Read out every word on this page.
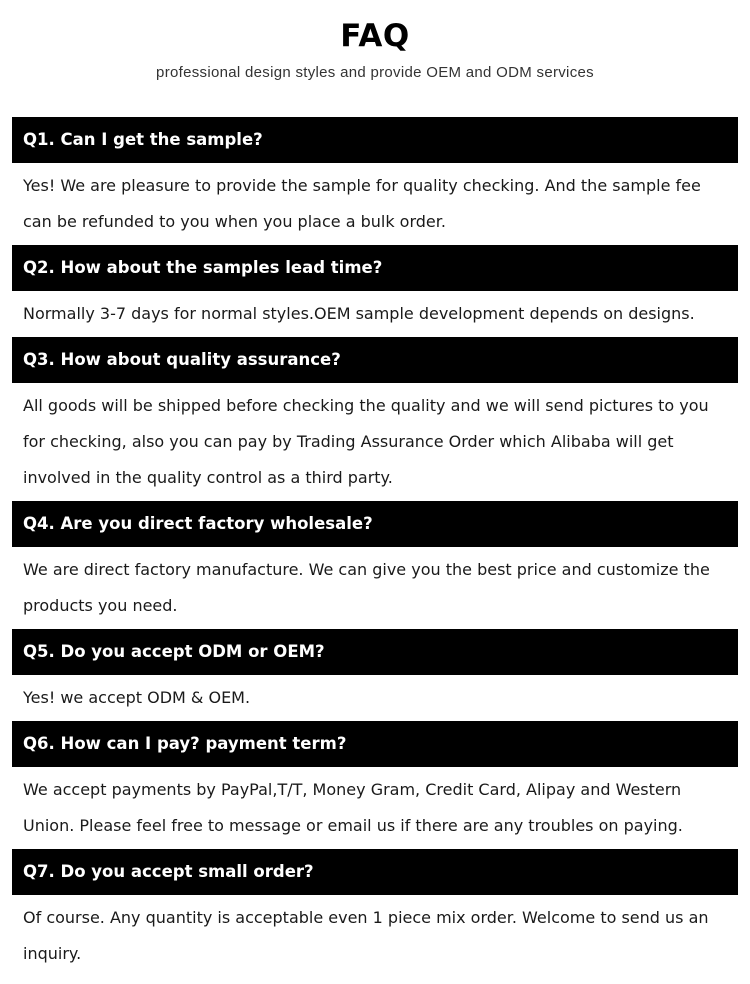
FAQ
professional design styles and provide OEM and ODM services
Q1. Can I get the sample?
Yes! We are pleasure to provide the sample for quality checking. And the sample fee can be refunded to you when you place a bulk order.
Q2. How about the samples lead time?
Normally 3-7 days for normal styles.OEM sample development depends on designs.
Q3. How about quality assurance?
All goods will be shipped before checking the quality and we will send pictures to you for checking, also you can pay by Trading Assurance Order which Alibaba will get involved in the quality control as a third party.
Q4. Are you direct factory wholesale?
We are direct factory manufacture. We can give you the best price and customize the products you need.
Q5. Do you accept ODM or OEM?
Yes! we accept ODM & OEM.
Q6. How can I pay? payment term?
We accept payments by PayPal,T/T, Money Gram, Credit Card, Alipay and Western Union. Please feel free to message or email us if there are any troubles on paying.
Q7. Do you accept small order?
Of course. Any quantity is acceptable even 1 piece mix order. Welcome to send us an inquiry.
